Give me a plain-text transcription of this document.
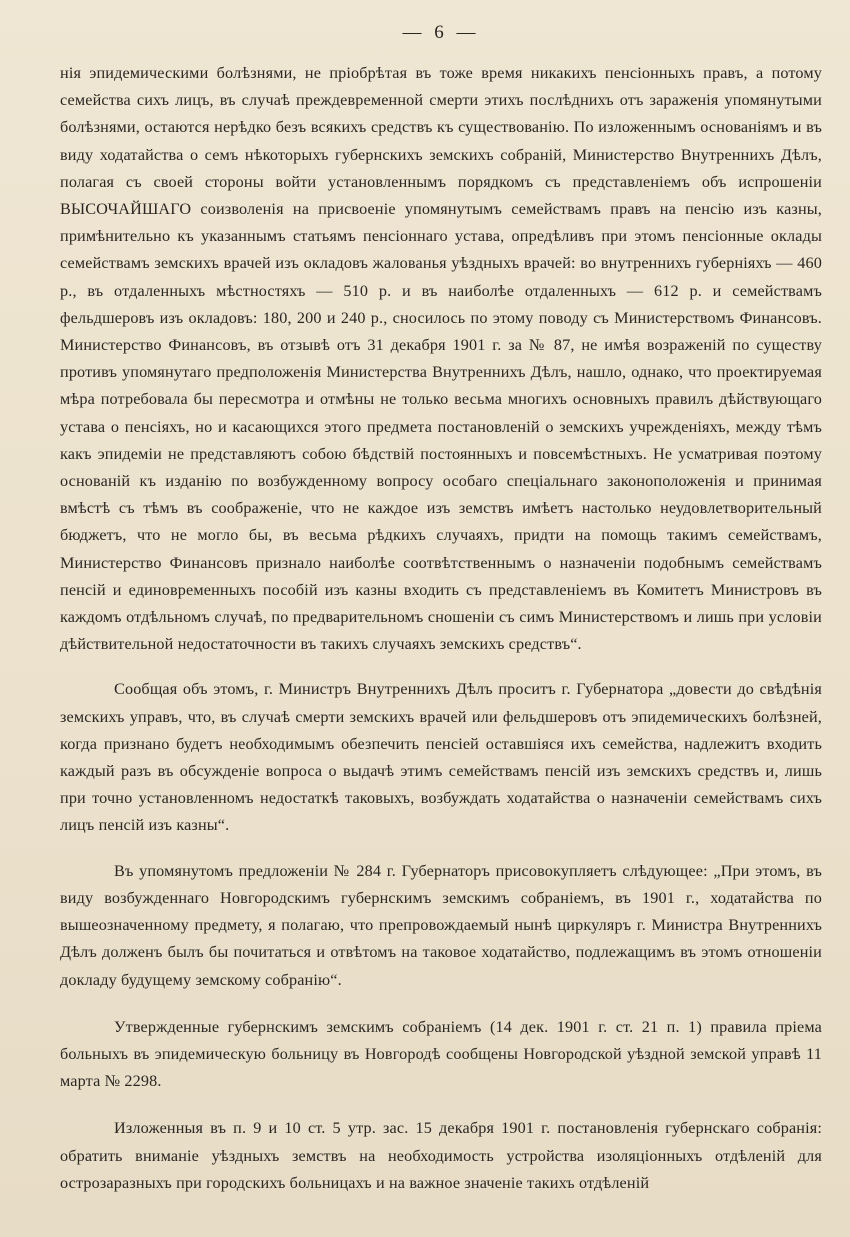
— 6 —

нія эпидемическими болѣзнями, не пріобрѣтая въ тоже время никакихъ пенсіонныхъ правъ, а потому семейства сихъ лицъ, въ случаѣ преждевременной смерти этихъ послѣднихъ отъ зараженія упомянутыми болѣзнями, остаются нерѣдко безъ всякихъ средствъ къ существованію. По изложеннымъ основаніямъ и въ виду ходатайства о семъ нѣкоторыхъ губернскихъ земскихъ собраній, Министерство Внутреннихъ Дѣлъ, полагая съ своей стороны войти установленнымъ порядкомъ съ представленіемъ объ испрошеніи ВЫСОЧАЙШАГО соизволенія на присвоеніе упомянутымъ семействамъ правъ на пенсію изъ казны, примѣнительно къ указаннымъ статьямъ пенсіоннаго устава, опредѣливъ при этомъ пенсіонные оклады семействамъ земскихъ врачей изъ окладовъ жалованья уѣздныхъ врачей: во внутреннихъ губерніяхъ — 460 р., въ отдаленныхъ мѣстностяхъ — 510 р. и въ наиболѣе отдаленныхъ — 612 р. и семействамъ фельдшеровъ изъ окладовъ: 180, 200 и 240 р., сносилось по этому поводу съ Министерствомъ Финансовъ. Министерство Финансовъ, въ отзывѣ отъ 31 декабря 1901 г. за № 87, не имѣя возраженій по существу противъ упомянутаго предположенія Министерства Внутреннихъ Дѣлъ, нашло, однако, что проектируемая мѣра потребовала бы пересмотра и отмѣны не только весьма многихъ основныхъ правилъ дѣйствующаго устава о пенсіяхъ, но и касающихся этого предмета постановленій о земскихъ учрежденіяхъ, между тѣмъ какъ эпидеміи не представляютъ собою бѣдствій постоянныхъ и повсемѣстныхъ. Не усматривая поэтому основаній къ изданію по возбужденному вопросу особаго спеціальнаго законоположенія и принимая вмѣстѣ съ тѣмъ въ соображеніе, что не каждое изъ земствъ имѣетъ настолько неудовлетворительный бюджетъ, что не могло бы, въ весьма рѣдкихъ случаяхъ, придти на помощь такимъ семействамъ, Министерство Финансовъ признало наиболѣе соотвѣтственнымъ о назначеніи подобнымъ семействамъ пенсій и единовременныхъ пособій изъ казны входить съ представленіемъ въ Комитетъ Министровъ въ каждомъ отдѣльномъ случаѣ, по предварительномъ сношеніи съ симъ Министерствомъ и лишь при условіи дѣйствительной недостаточности въ такихъ случаяхъ земскихъ средствъ“.

Сообщая объ этомъ, г. Министръ Внутреннихъ Дѣлъ проситъ г. Губернатора „довести до свѣдѣнія земскихъ управъ, что, въ случаѣ смерти земскихъ врачей или фельдшеровъ отъ эпидемическихъ болѣзней, когда признано будетъ необходимымъ обезпечить пенсіей оставшіяся ихъ семейства, надлежитъ входить каждый разъ въ обсужденіе вопроса о выдачѣ этимъ семействамъ пенсій изъ земскихъ средствъ и, лишь при точно установленномъ недостаткѣ таковыхъ, возбуждать ходатайства о назначеніи семействамъ сихъ лицъ пенсій изъ казны“.

Въ упомянутомъ предложеніи № 284 г. Губернаторъ присовокупляетъ слѣдующее: „При этомъ, въ виду возбужденнаго Новгородскимъ губернскимъ земскимъ собраніемъ, въ 1901 г., ходатайства по вышеозначенному предмету, я полагаю, что препровождаемый нынѣ циркуляръ г. Министра Внутреннихъ Дѣлъ долженъ былъ бы почитаться и отвѣтомъ на таковое ходатайство, подлежащимъ въ этомъ отношеніи докладу будущему земскому собранію“.

Утвержденные губернскимъ земскимъ собраніемъ (14 дек. 1901 г. ст. 21 п. 1) правила пріема больныхъ въ эпидемическую больницу въ Новгородѣ сообщены Новгородской уѣздной земской управѣ 11 марта № 2298.

Изложенныя въ п. 9 и 10 ст. 5 утр. зас. 15 декабря 1901 г. постановленія губернскаго собранія: обратить вниманіе уѣздныхъ земствъ на необходимость устройства изоляціонныхъ отдѣленій для острозаразныхъ при городскихъ больницахъ и на важное значеніе такихъ отдѣленій
